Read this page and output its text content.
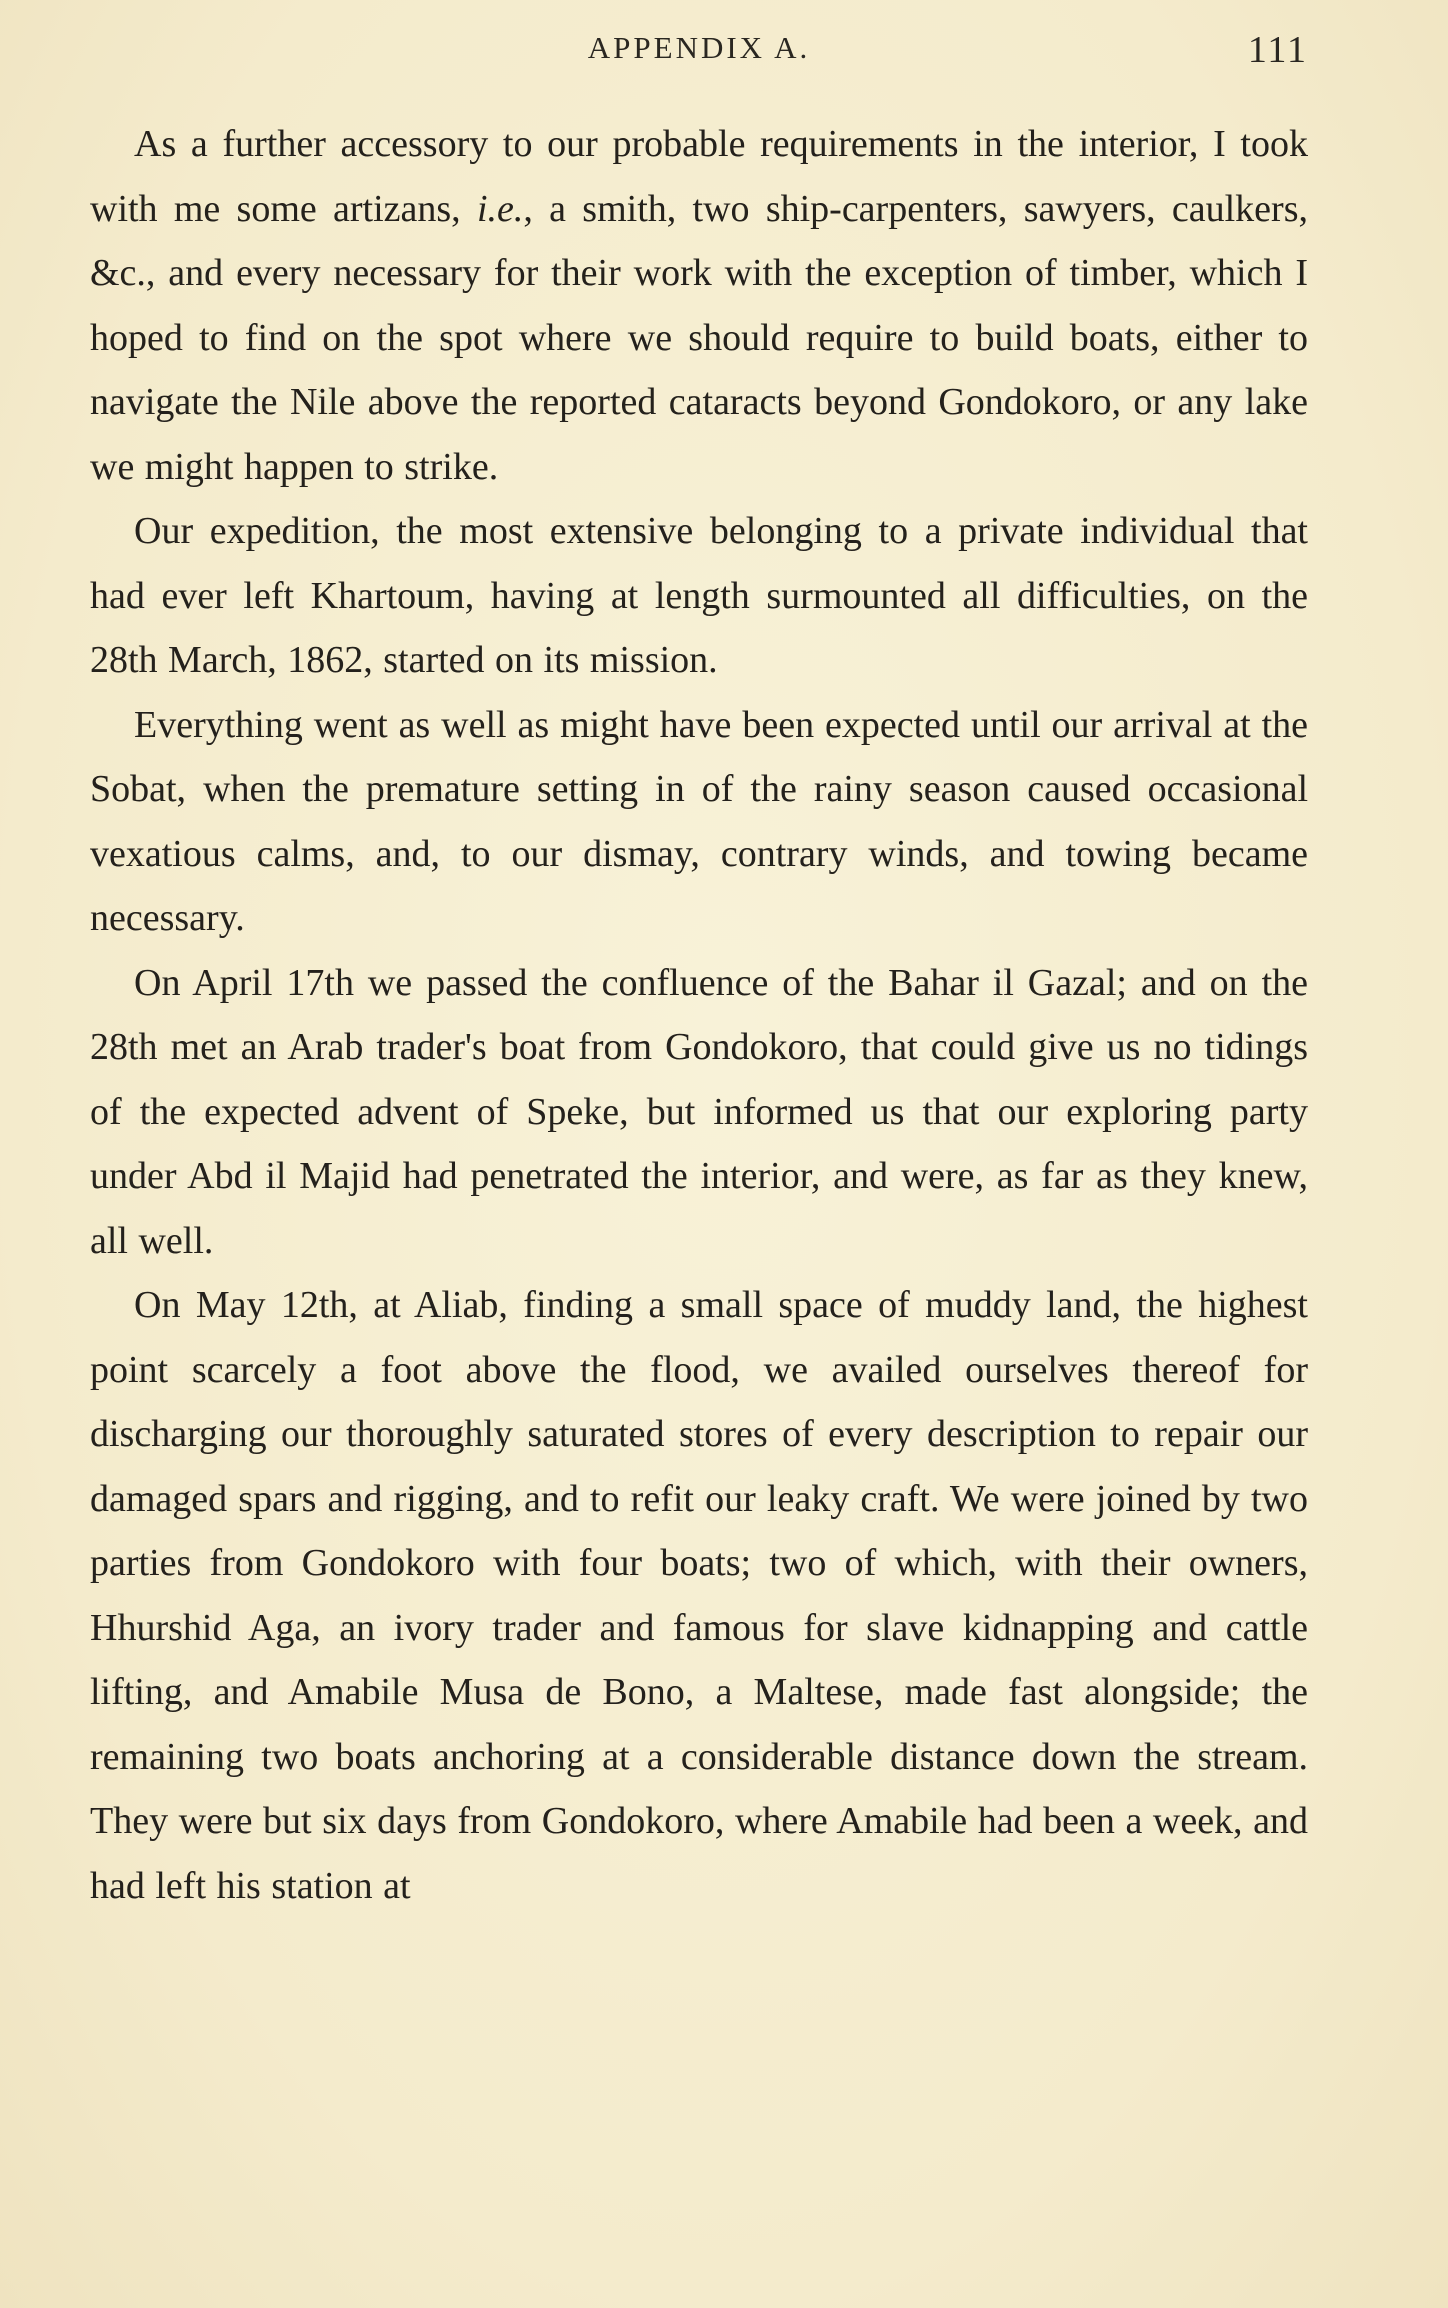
APPENDIX A.	111

As a further accessory to our probable requirements in the interior, I took with me some artizans, i.e., a smith, two ship-carpenters, sawyers, caulkers, &c., and every necessary for their work with the exception of timber, which I hoped to find on the spot where we should require to build boats, either to navigate the Nile above the reported cataracts beyond Gondokoro, or any lake we might happen to strike.

Our expedition, the most extensive belonging to a private individual that had ever left Khartoum, having at length surmounted all difficulties, on the 28th March, 1862, started on its mission.

Everything went as well as might have been expected until our arrival at the Sobat, when the premature setting in of the rainy season caused occasional vexatious calms, and, to our dismay, contrary winds, and towing became necessary.

On April 17th we passed the confluence of the Bahar il Gazal; and on the 28th met an Arab trader's boat from Gondokoro, that could give us no tidings of the expected advent of Speke, but informed us that our exploring party under Abd il Majid had penetrated the interior, and were, as far as they knew, all well.

On May 12th, at Aliab, finding a small space of muddy land, the highest point scarcely a foot above the flood, we availed ourselves thereof for discharging our thoroughly saturated stores of every description to repair our damaged spars and rigging, and to refit our leaky craft. We were joined by two parties from Gondokoro with four boats; two of which, with their owners, Hhurshid Aga, an ivory trader and famous for slave kidnapping and cattle lifting, and Amabile Musa de Bono, a Maltese, made fast alongside; the remaining two boats anchoring at a considerable distance down the stream. They were but six days from Gondokoro, where Amabile had been a week, and had left his station at
